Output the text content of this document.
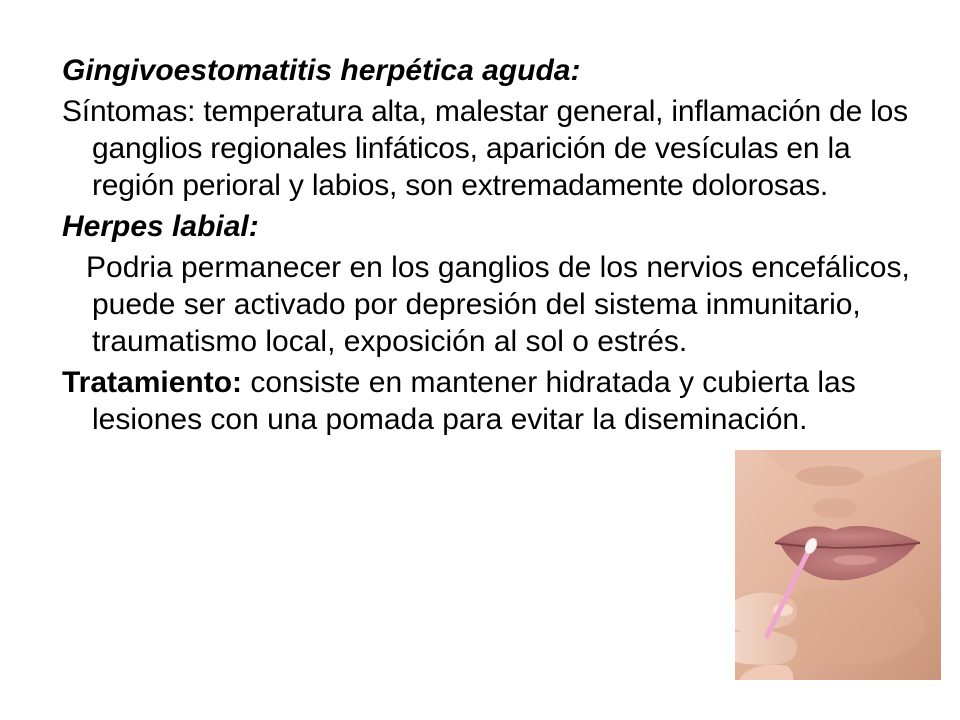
Gingivoestomatitis herpética aguda:

Síntomas: temperatura alta, malestar general, inflamación de los ganglios regionales linfáticos, aparición de vesículas en la región perioral y labios, son extremadamente dolorosas.

Herpes labial:

Podria permanecer en los ganglios de los nervios encefálicos, puede ser activado por depresión del sistema inmunitario, traumatismo local, exposición al sol o estrés.

Tratamiento: consiste en mantener hidratada y cubierta las lesiones con una pomada para evitar la diseminación.
